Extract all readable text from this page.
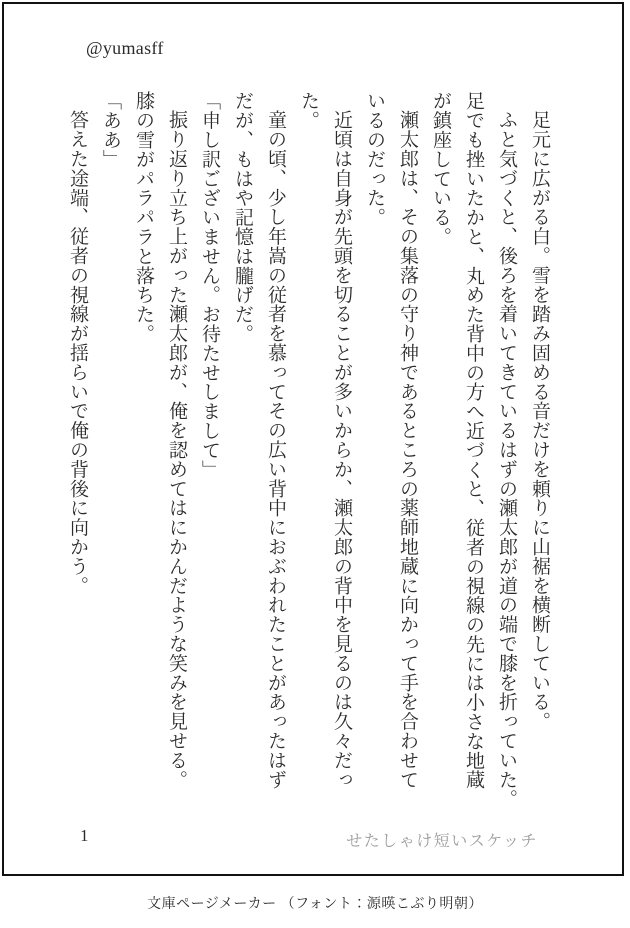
@yumasff
足元に広がる白。雪を踏み固める音だけを頼りに山裾を横断している。
ふと気づくと、後ろを着いてきているはずの瀬太郎が道の端で膝を折っていた。
足でも挫いたかと、丸めた背中の方へ近づくと、従者の視線の先には小さな地蔵
が鎮座している。
瀬太郎は、その集落の守り神であるところの薬師地蔵に向かって手を合わせて
いるのだった。
近頃は自身が先頭を切ることが多いからか、瀬太郎の背中を見るのは久々だっ
た。
童の頃、少し年嵩の従者を慕ってその広い背中におぶわれたことがあったはず
だが、もはや記憶は朧げだ。
「申し訳ございません。お待たせしまして」
振り返り立ち上がった瀬太郎が、俺を認めてはにかんだような笑みを見せる。
膝の雪がパラパラと落ちた。
「ああ」
答えた途端、従者の視線が揺らいで俺の背後に向かう。
1	せたしゃけ短いスケッチ
文庫ページメーカー （フォント：源暎こぶり明朝）
